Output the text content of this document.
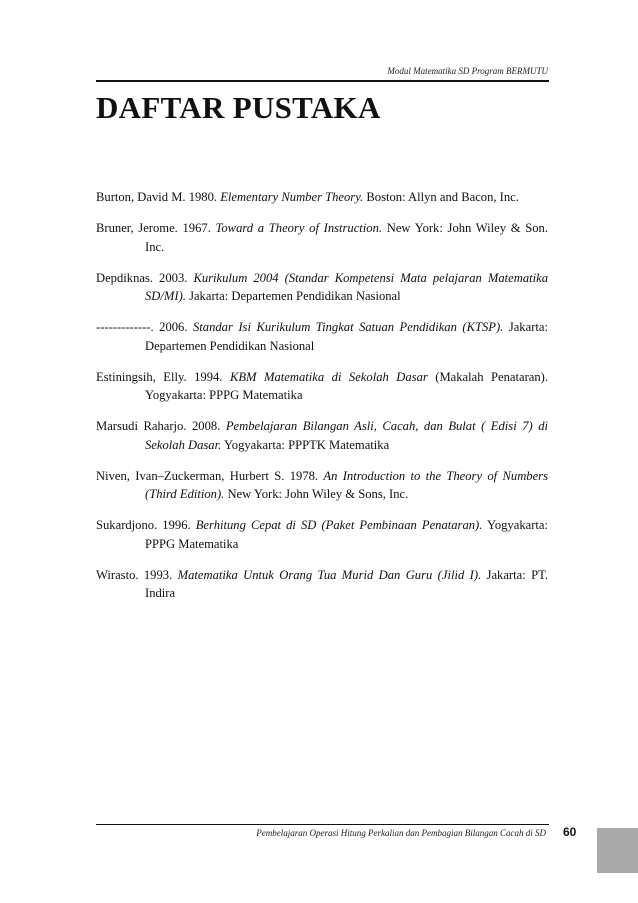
Modul Matematika SD Program BERMUTU
DAFTAR PUSTAKA
Burton, David M. 1980. Elementary Number Theory. Boston: Allyn and Bacon, Inc.
Bruner, Jerome. 1967. Toward a Theory of Instruction. New York: John Wiley & Son. Inc.
Depdiknas. 2003. Kurikulum 2004 (Standar Kompetensi Mata pelajaran Matematika SD/MI). Jakarta: Departemen Pendidikan Nasional
-------------. 2006. Standar Isi Kurikulum Tingkat Satuan Pendidikan (KTSP). Jakarta: Departemen Pendidikan Nasional
Estiningsih, Elly. 1994. KBM Matematika di Sekolah Dasar (Makalah Penataran). Yogyakarta: PPPG Matematika
Marsudi Raharjo. 2008. Pembelajaran Bilangan Asli, Cacah, dan Bulat ( Edisi 7) di Sekolah Dasar. Yogyakarta: PPPTK Matematika
Niven, Ivan–Zuckerman, Hurbert S. 1978. An Introduction to the Theory of Numbers (Third Edition). New York: John Wiley & Sons, Inc.
Sukardjono. 1996. Berhitung Cepat di SD (Paket Pembinaan Penataran). Yogyakarta: PPPG Matematika
Wirasto. 1993. Matematika Untuk Orang Tua Murid Dan Guru (Jilid I). Jakarta: PT. Indira
Pembelajaran Operasi Hitung Perkalian dan Pembagian Bilangan Cacah di SD 60
